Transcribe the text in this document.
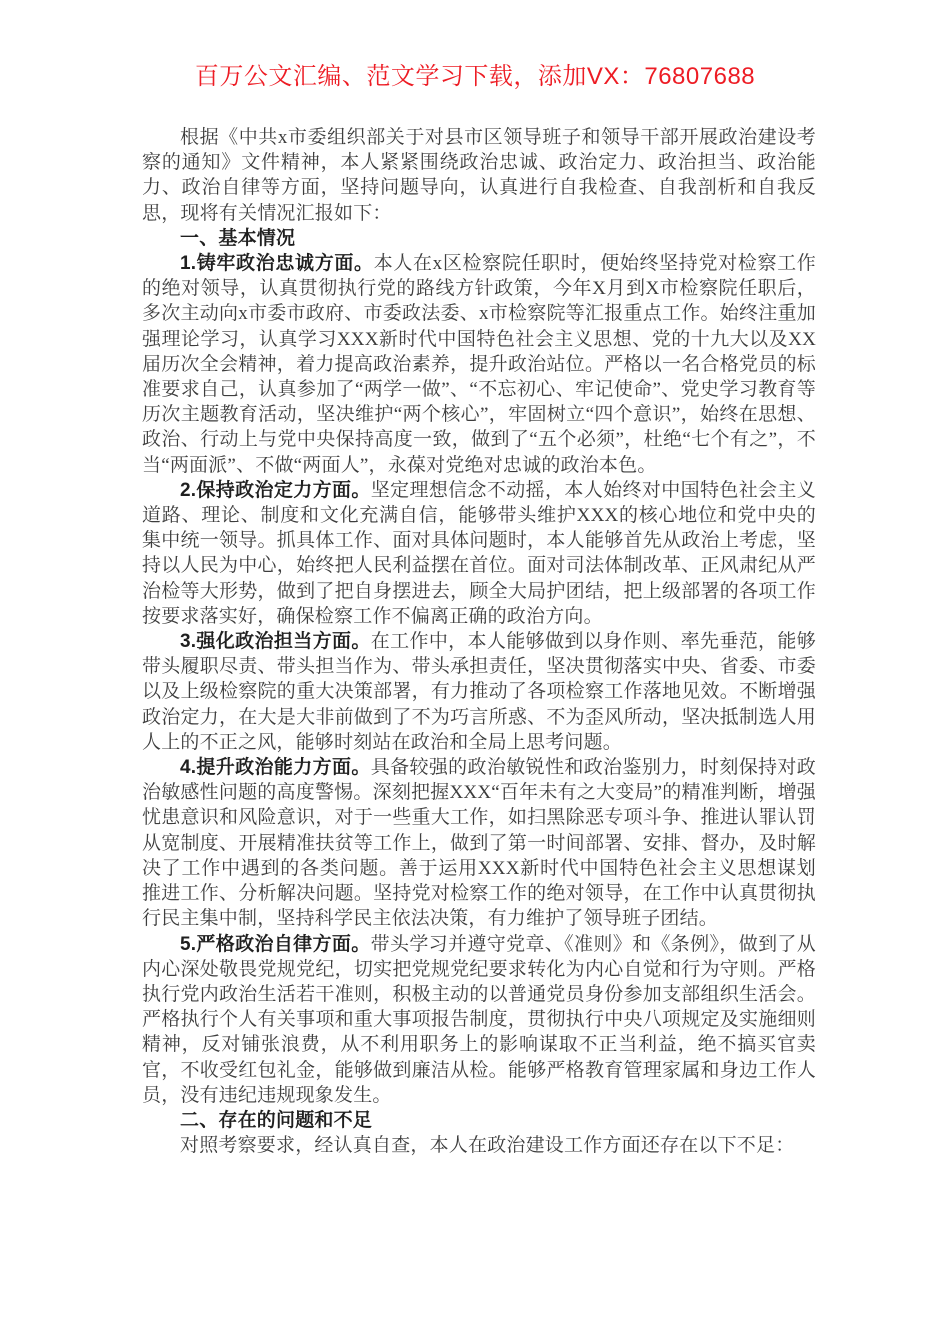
百万公文汇编、范文学习下载，添加VX：76807688

根据《中共x市委组织部关于对县市区领导班子和领导干部开展政治建设考察的通知》文件精神，本人紧紧围绕政治忠诚、政治定力、政治担当、政治能力、政治自律等方面，坚持问题导向，认真进行自我检查、自我剖析和自我反思，现将有关情况汇报如下：

一、基本情况

1.铸牢政治忠诚方面。本人在x区检察院任职时，便始终坚持党对检察工作的绝对领导，认真贯彻执行党的路线方针政策，今年X月到X市检察院任职后，多次主动向x市委市政府、市委政法委、x市检察院等汇报重点工作。始终注重加强理论学习，认真学习XXX新时代中国特色社会主义思想、党的十九大以及XX届历次全会精神，着力提高政治素养，提升政治站位。严格以一名合格党员的标准要求自己，认真参加了“两学一做”、“不忘初心、牢记使命”、党史学习教育等历次主题教育活动，坚决维护“两个核心”，牢固树立“四个意识”，始终在思想、政治、行动上与党中央保持高度一致，做到了“五个必须”，杜绝“七个有之”，不当“两面派”、不做“两面人”，永葆对党绝对忠诚的政治本色。

2.保持政治定力方面。坚定理想信念不动摇，本人始终对中国特色社会主义道路、理论、制度和文化充满自信，能够带头维护XXX的核心地位和党中央的集中统一领导。抓具体工作、面对具体问题时，本人能够首先从政治上考虑，坚持以人民为中心，始终把人民利益摆在首位。面对司法体制改革、正风肃纪从严治检等大形势，做到了把自身摆进去，顾全大局护团结，把上级部署的各项工作按要求落实好，确保检察工作不偏离正确的政治方向。

3.强化政治担当方面。在工作中，本人能够做到以身作则、率先垂范，能够带头履职尽责、带头担当作为、带头承担责任，坚决贯彻落实中央、省委、市委以及上级检察院的重大决策部署，有力推动了各项检察工作落地见效。不断增强政治定力，在大是大非前做到了不为巧言所惑、不为歪风所动，坚决抵制选人用人上的不正之风，能够时刻站在政治和全局上思考问题。

4.提升政治能力方面。具备较强的政治敏锐性和政治鉴别力，时刻保持对政治敏感性问题的高度警惕。深刻把握XXX“百年未有之大变局”的精准判断，增强忧患意识和风险意识，对于一些重大工作，如扫黑除恶专项斗争、推进认罪认罚从宽制度、开展精准扶贫等工作上，做到了第一时间部署、安排、督办，及时解决了工作中遇到的各类问题。善于运用XXX新时代中国特色社会主义思想谋划推进工作、分析解决问题。坚持党对检察工作的绝对领导，在工作中认真贯彻执行民主集中制，坚持科学民主依法决策，有力维护了领导班子团结。

5.严格政治自律方面。带头学习并遵守党章、《准则》和《条例》，做到了从内心深处敬畏党规党纪，切实把党规党纪要求转化为内心自觉和行为守则。严格执行党内政治生活若干准则，积极主动的以普通党员身份参加支部组织生活会。严格执行个人有关事项和重大事项报告制度，贯彻执行中央八项规定及实施细则精神，反对铺张浪费，从不利用职务上的影响谋取不正当利益，绝不搞买官卖官，不收受红包礼金，能够做到廉洁从检。能够严格教育管理家属和身边工作人员，没有违纪违规现象发生。

二、存在的问题和不足

对照考察要求，经认真自查，本人在政治建设工作方面还存在以下不足：
